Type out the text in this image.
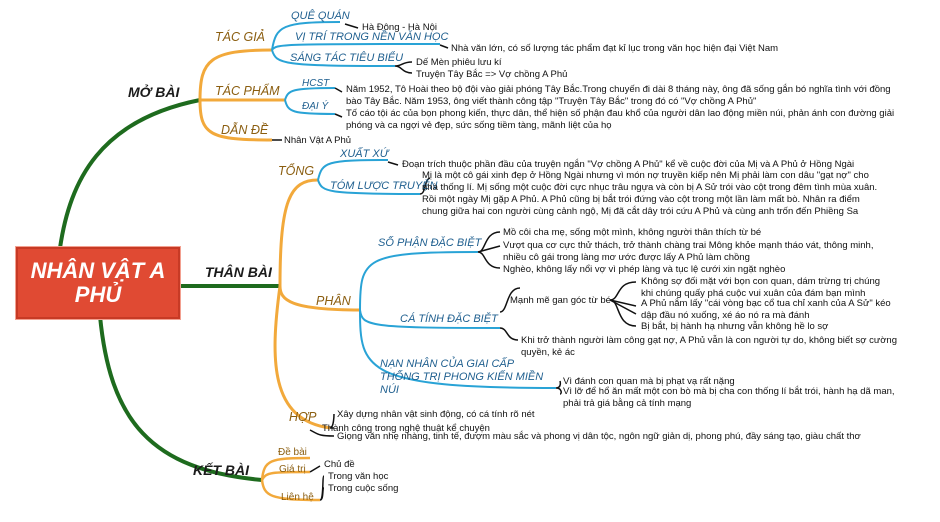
NHÂN VẬT A PHỦ
MỞ BÀI
THÂN BÀI
KẾT BÀI
TÁC GIẢ
QUÊ QUÁN
Hà Đông - Hà Nội
VỊ TRÍ TRONG NỀN VĂN HỌC
Nhà văn lớn, có số lượng tác phẩm đạt kỉ lục trong văn học hiện đại Việt Nam
SÁNG TÁC TIÊU BIỂU Dế Mèn phiêu lưu kí
Truyện Tây Bắc => Vợ chồng A Phủ
TÁC PHẨM
HCST
Năm 1952, Tô Hoài theo bộ đội vào giải phóng Tây Bắc.Trong chuyến đi dài 8 tháng này, ông đã sống gắn bó nghĩa tình với đồng bào Tây Bắc. Năm 1953, ông viết thành công tập "Truyện Tây Bắc" trong đó có "Vợ chồng A Phủ"
ĐẠI Ý
Tố cáo tội ác của bọn phong kiến, thực dân, thể hiện số phận đau khổ của người dân lao động miền núi, phản ánh con đường giải phóng và ca ngợi vẻ đẹp, sức sống tiềm tàng, mãnh liệt của họ
DẪN ĐỀ
Nhân Vật A Phủ
TỔNG
XUẤT XỨ
Đoạn trích thuộc phần đầu của truyện ngắn "Vợ chồng A Phủ" kể về cuộc đời của Mị và A Phủ ở Hồng Ngài
TÓM LƯỢC TRUYỆN
Mị là một cô gái xinh đẹp ở Hồng Ngài nhưng vì món nợ truyền kiếp nên Mị phải làm con dâu "gạt nợ" cho nhà thống lí. Mị sống một cuộc đời cực nhục trâu ngựa và còn bị A Sử trói vào cột trong đêm tình mùa xuân. Rồi một ngày Mị gặp A Phủ. A Phủ cũng bị bắt trói đứng vào cột trong một lần làm mất bò. Nhân ra điểm chung giữa hai con người cùng cảnh ngộ, Mị đã cắt dây trói cứu A Phủ và cùng anh trốn đến Phiềng Sa
PHÂN
SỐ PHẬN ĐẶC BIỆT
Mồ côi cha mẹ, sống một mình, không người thân thích từ bé
Vượt qua cơ cực thử thách, trở thành chàng trai Mông khỏe mạnh tháo vát, thông minh, nhiều cô gái trong làng mơ ước được lấy A Phủ làm chồng
Nghèo, không lấy nổi vợ vì phép làng và tục lệ cưới xin ngặt nghèo
CÁ TÍNH ĐẶC BIỆT
Mạnh mẽ gan góc từ bé
Không sợ đối mặt với bọn con quan, dám trừng trị chúng khi chúng quấy phá cuộc vui xuân của đám bạn mình
A Phủ nắm lấy "cái vòng bạc cổ tua chỉ xanh của A Sử" kéo dập đầu nó xuống, xé áo nó ra mà đánh
Bị bắt, bị hành hạ nhưng vẫn không hề lo sợ
Khi trở thành người làm công gạt nợ, A Phủ vẫn là con người tự do, không biết sợ cường quyền, kẻ ác
NẠN NHÂN CỦA GIAI CẤP THỐNG TRỊ PHONG KIẾN MIỀN NÚI
Vì đánh con quan mà bị phạt vạ rất nặng
Vì lỡ để hổ ăn mất một con bò mà bị cha con thống lí bắt trói, hành hạ dã man, phải trả giá bằng cả tính mạng
HỢP Xây dựng nhân vật sinh động, có cá tính rõ nét
Thành công trong nghệ thuật kể chuyện
Giọng văn nhẹ nhàng, tinh tế, đượm màu sắc và phong vị dân tộc, ngôn ngữ giản dị, phong phú, đầy sáng tạo, giàu chất thơ
Đề bài
Giá trị Chủ đề
Liên hệ
Trong văn học
Trong cuộc sống
